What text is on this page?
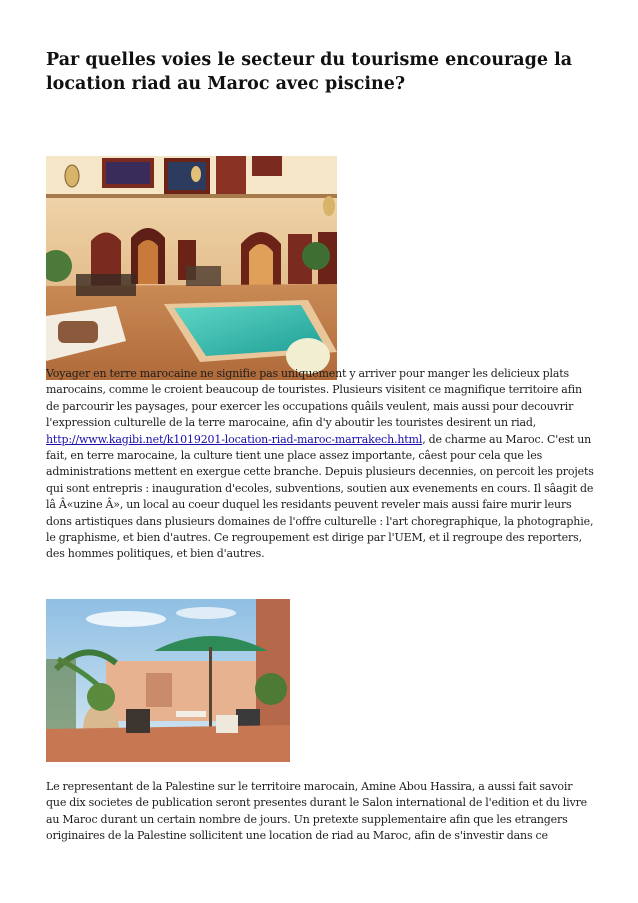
Par quelles voies le secteur du tourisme encourage la location riad au Maroc avec piscine?

Voyager en terre marocaine ne signifie pas uniquement y arriver pour manger les delicieux plats marocains, comme le croient beaucoup de touristes. Plusieurs visitent ce magnifique territoire afin de parcourir les paysages, pour exercer les occupations quâils veulent, mais aussi pour decouvrir l'expression culturelle de la terre marocaine, afin d'y aboutir les touristes desirent un riad, http://www.kagibi.net/k1019201-location-riad-maroc-marrakech.html, de charme au Maroc. C'est un fait, en terre marocaine, la culture tient une place assez importante, câest pour cela que les administrations mettent en exergue cette branche. Depuis plusieurs decennies, on percoit les projets qui sont entrepris : inauguration d'ecoles, subventions, soutien aux evenements en cours. Il sâagit de lâ Â«uzine Â», un local au coeur duquel les residants peuvent reveler mais aussi faire murir leurs dons artistiques dans plusieurs domaines de l'offre culturelle : l'art choregraphique, la photographie, le graphisme, et bien d'autres. Ce regroupement est dirige par l'UEM, et il regroupe des reporters, des hommes politiques, et bien d'autres.

Le representant de la Palestine sur le territoire marocain, Amine Abou Hassira, a aussi fait savoir que dix societes de publication seront presentes durant le Salon international de l'edition et du livre au Maroc durant un certain nombre de jours. Un pretexte supplementaire afin que les etrangers originaires de la Palestine sollicitent une location de riad au Maroc, afin de s'investir dans ce
